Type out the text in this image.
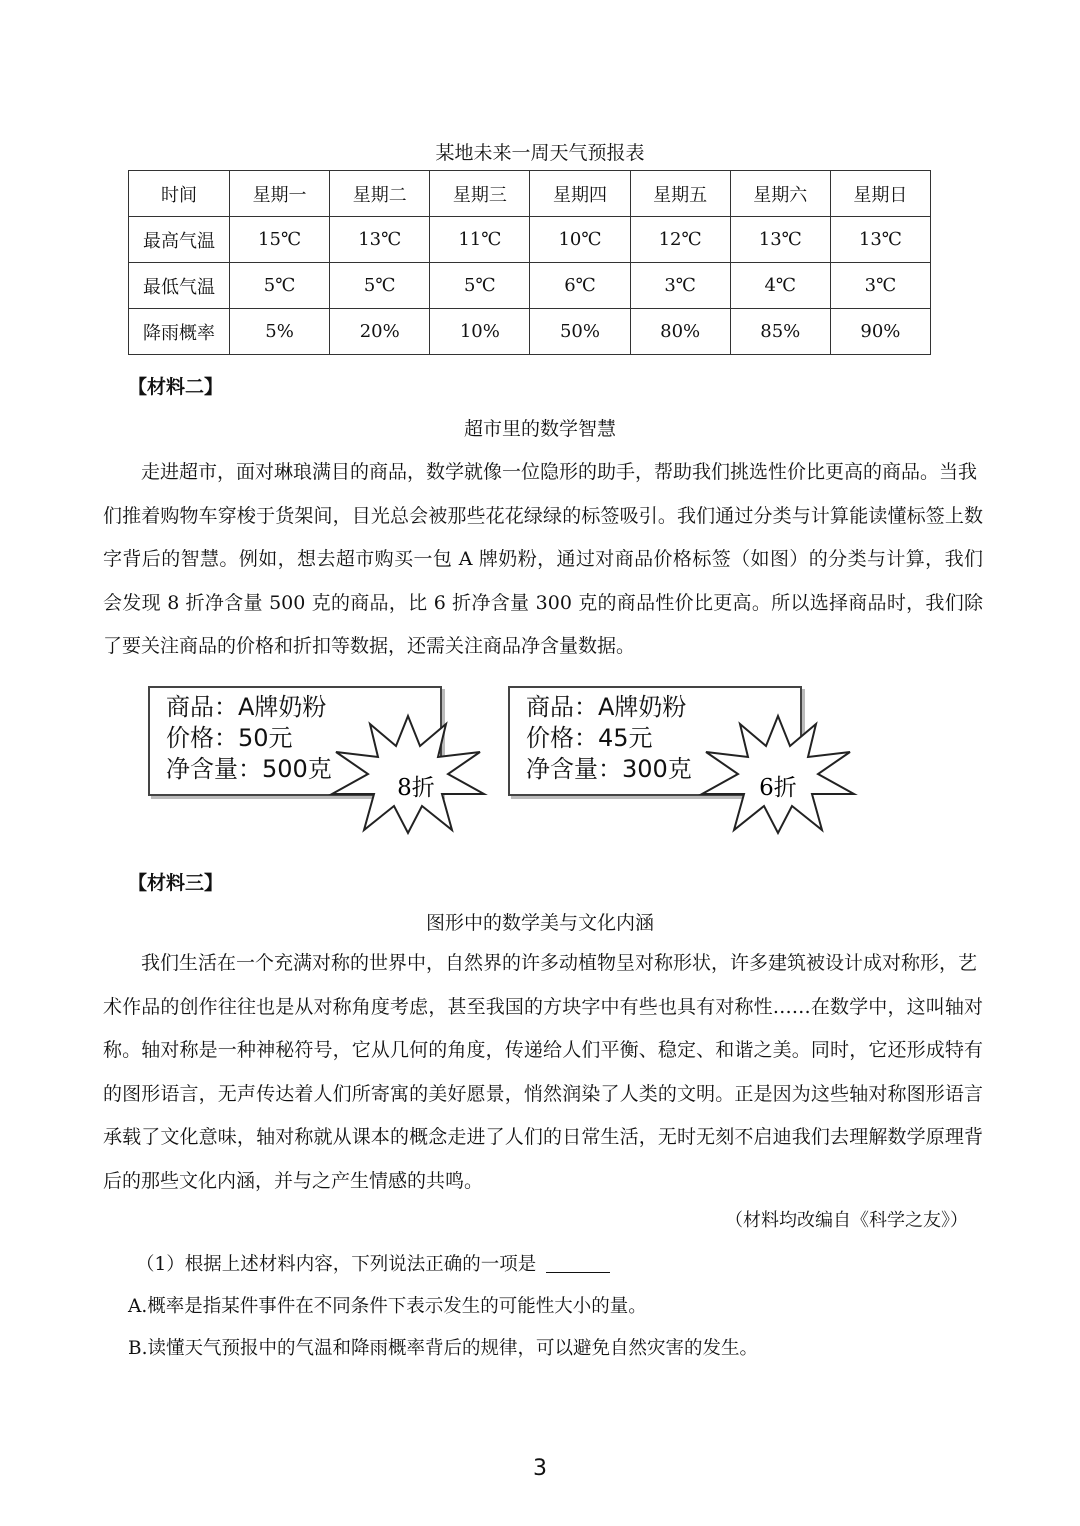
某地未来一周天气预报表
时间	星期一	星期二	星期三	星期四	星期五	星期六	星期日
最高气温	15℃	13℃	11℃	10℃	12℃	13℃	13℃
最低气温	5℃	5℃	5℃	6℃	3℃	4℃	3℃
降雨概率	5%	20%	10%	50%	80%	85%	90%
【材料二】
超市里的数学智慧
走进超市，面对琳琅满目的商品，数学就像一位隐形的助手，帮助我们挑选性价比更高的商品。当我
们推着购物车穿梭于货架间，目光总会被那些花花绿绿的标签吸引。我们通过分类与计算能读懂标签上数字背后的智慧。例如，想去超市购买一包 A 牌奶粉，通过对商品价格标签（如图）的分类与计算，我们会发现 8 折净含量 500 克的商品，比 6 折净含量 300 克的商品性价比更高。所以选择商品时，我们除了要关注商品的价格和折扣等数据，还需关注商品净含量数据。
商品：A牌奶粉
价格：50元
净含量：500克
8折
商品：A牌奶粉
价格：45元
净含量：300克
6折
【材料三】
图形中的数学美与文化内涵
我们生活在一个充满对称的世界中，自然界的许多动植物呈对称形状，许多建筑被设计成对称形，艺
术作品的创作往往也是从对称角度考虑，甚至我国的方块字中有些也具有对称性……在数学中，这叫轴对称。轴对称是一种神秘符号，它从几何的角度，传递给人们平衡、稳定、和谐之美。同时，它还形成特有的图形语言，无声传达着人们所寄寓的美好愿景，悄然润染了人类的文明。正是因为这些轴对称图形语言承载了文化意味，轴对称就从课本的概念走进了人们的日常生活，无时无刻不启迪我们去理解数学原理背后的那些文化内涵，并与之产生情感的共鸣。
（材料均改编自《科学之友》）
（1）根据上述材料内容，下列说法正确的一项是
A.概率是指某件事件在不同条件下表示发生的可能性大小的量。
B.读懂天气预报中的气温和降雨概率背后的规律，可以避免自然灾害的发生。
3
